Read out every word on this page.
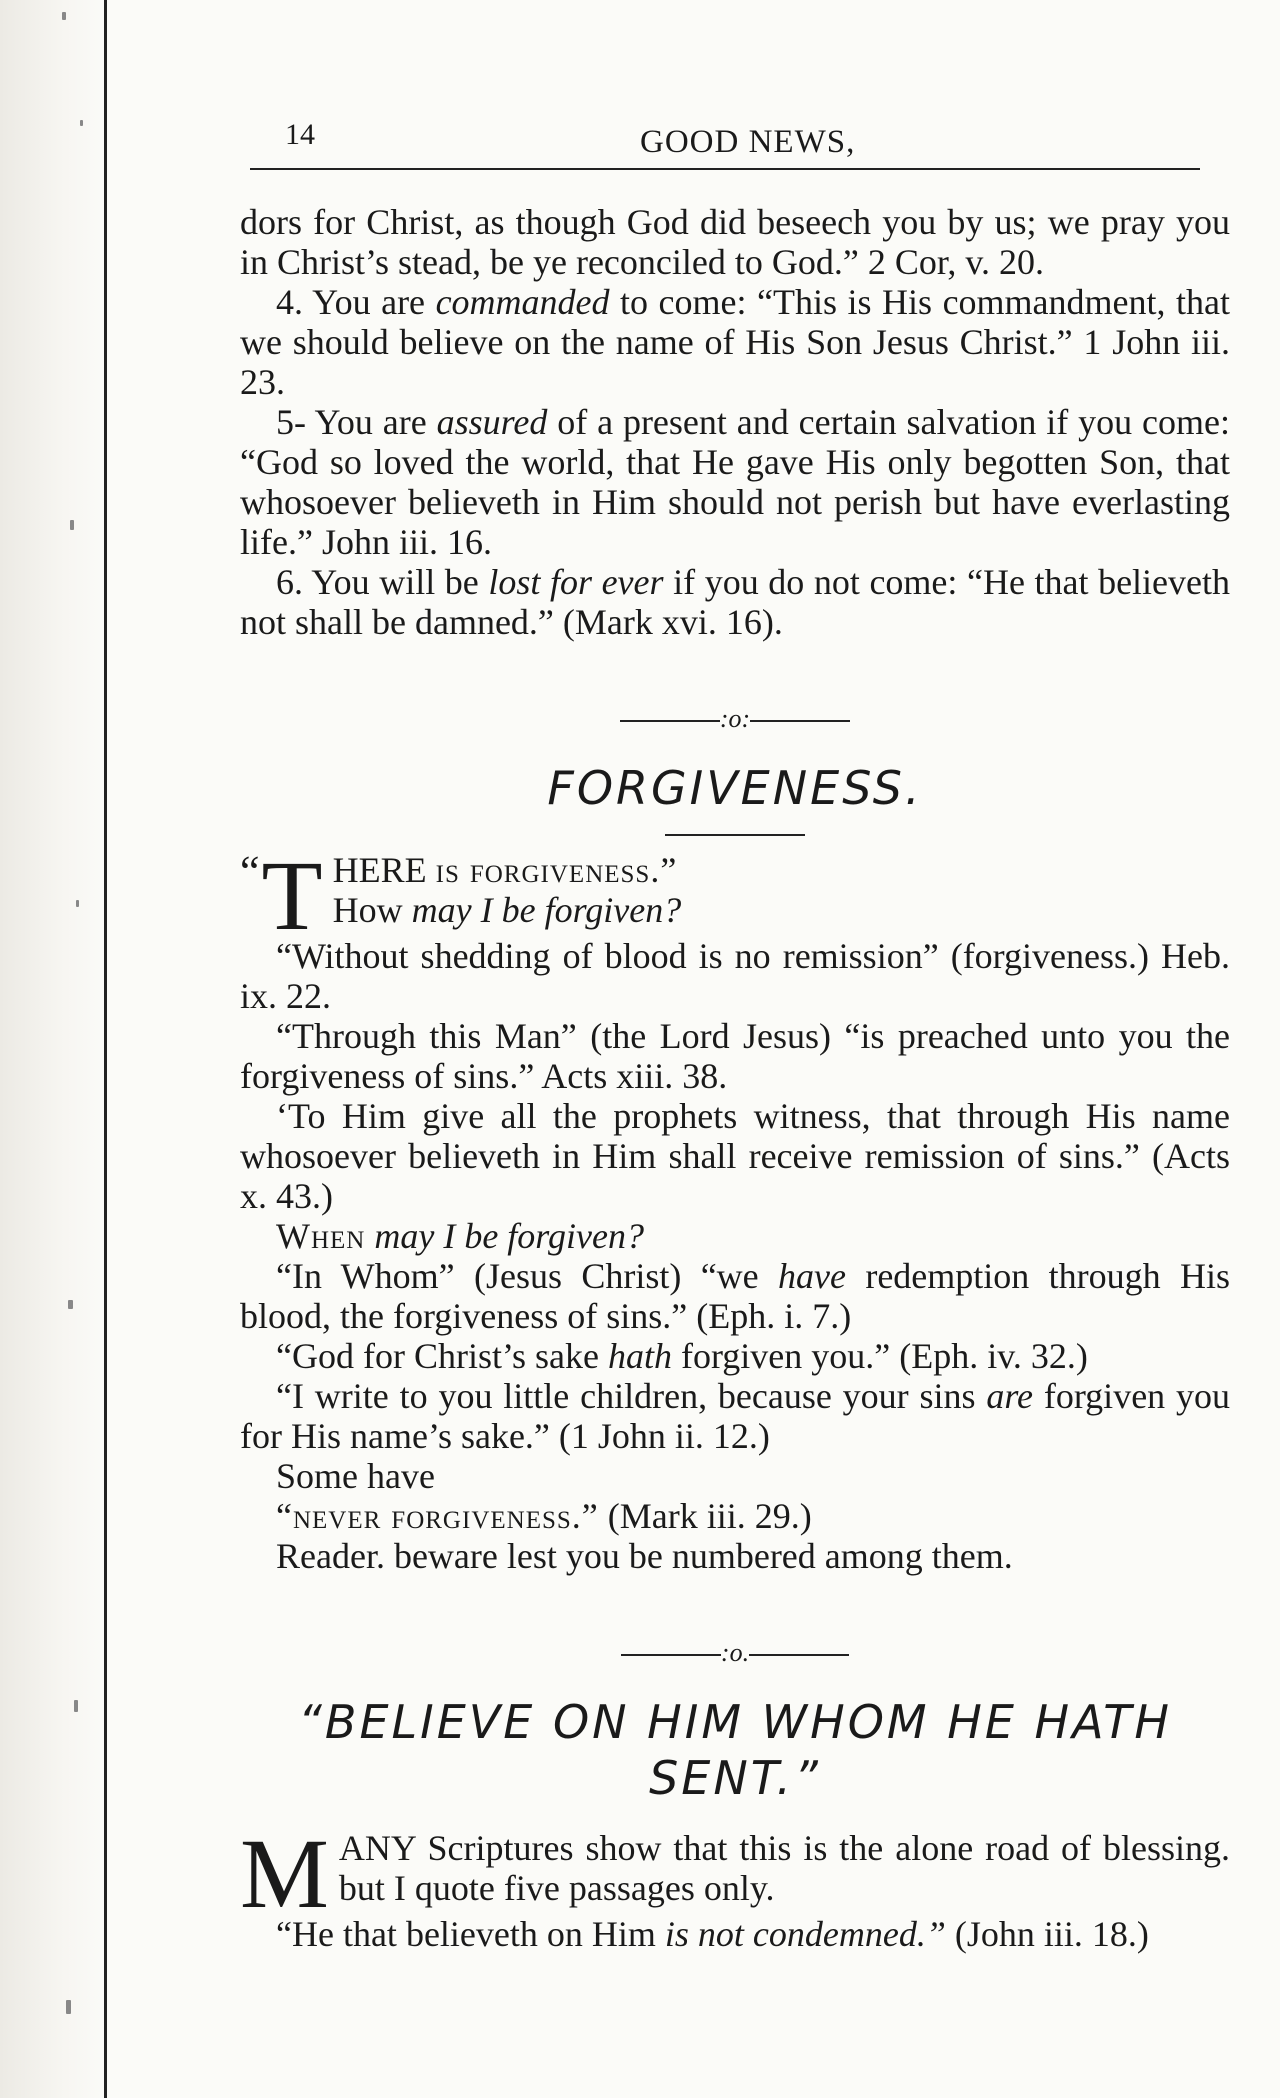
14	GOOD NEWS,

dors for Christ, as though God did beseech you by us; we pray you in Christ’s stead, be ye reconciled to God.” 2 Cor, v. 20.

4. You are commanded to come: “This is His commandment, that we should believe on the name of His Son Jesus Christ.” 1 John iii. 23.

5- You are assured of a present and certain salvation if you come: “God so loved the world, that He gave His only begotten Son, that whosoever believeth in Him should not perish but have everlasting life.” John iii. 16.

6. You will be lost for ever if you do not come: “He that believeth not shall be damned.” (Mark xvi. 16).

:o:
FORGIVENESS.
“ T HERE is forgiveness.”

How may I be forgiven?

“Without shedding of blood is no remission” (forgiveness.) Heb. ix. 22.

“Through this Man” (the Lord Jesus) “is preached unto you the forgiveness of sins.” Acts xiii. 38.

‘To Him give all the prophets witness, that through His name whosoever believeth in Him shall receive remission of sins.” (Acts x. 43.)

When may I be forgiven?

“In Whom” (Jesus Christ) “we have redemption through His blood, the forgiveness of sins.” (Eph. i. 7.)

“God for Christ’s sake hath forgiven you.” (Eph. iv. 32.)

“I write to you little children, because your sins are forgiven you for His name’s sake.” (1 John ii. 12.)

Some have

“never forgiveness.” (Mark iii. 29.)

Reader. beware lest you be numbered among them.

:o.
“BELIEVE ON HIM WHOM HE HATH SENT.”
M ANY Scriptures show that this is the alone road of blessing. but I quote five passages only.

“He that believeth on Him is not condemned.” (John iii. 18.)
